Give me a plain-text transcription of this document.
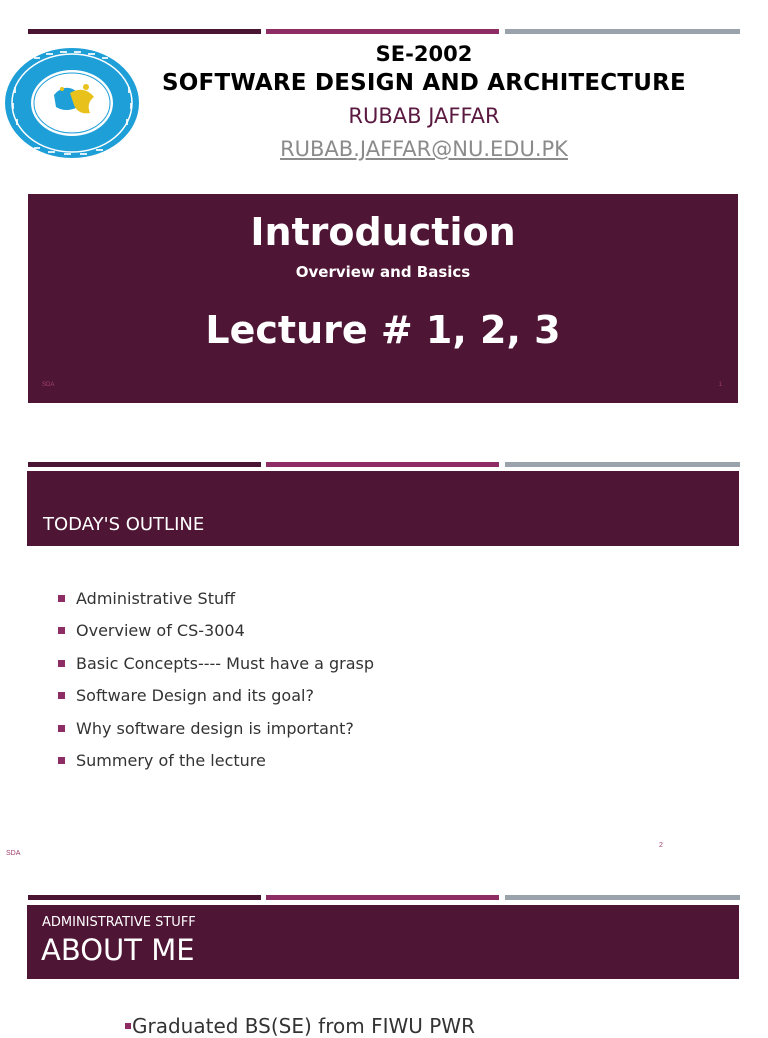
SE-2002
SOFTWARE DESIGN AND ARCHITECTURE
RUBAB JAFFAR
RUBAB.JAFFAR@NU.EDU.PK
Introduction
Overview and Basics
Lecture # 1, 2, 3
SDA	1
TODAY'S OUTLINE
Administrative Stuff
Overview of CS-3004
Basic Concepts---- Must have a grasp
Software Design and its goal?
Why software design is important?
Summery of the lecture
SDA
2
ADMINISTRATIVE STUFF
ABOUT ME
Graduated BS(SE) from FIWU PWR
